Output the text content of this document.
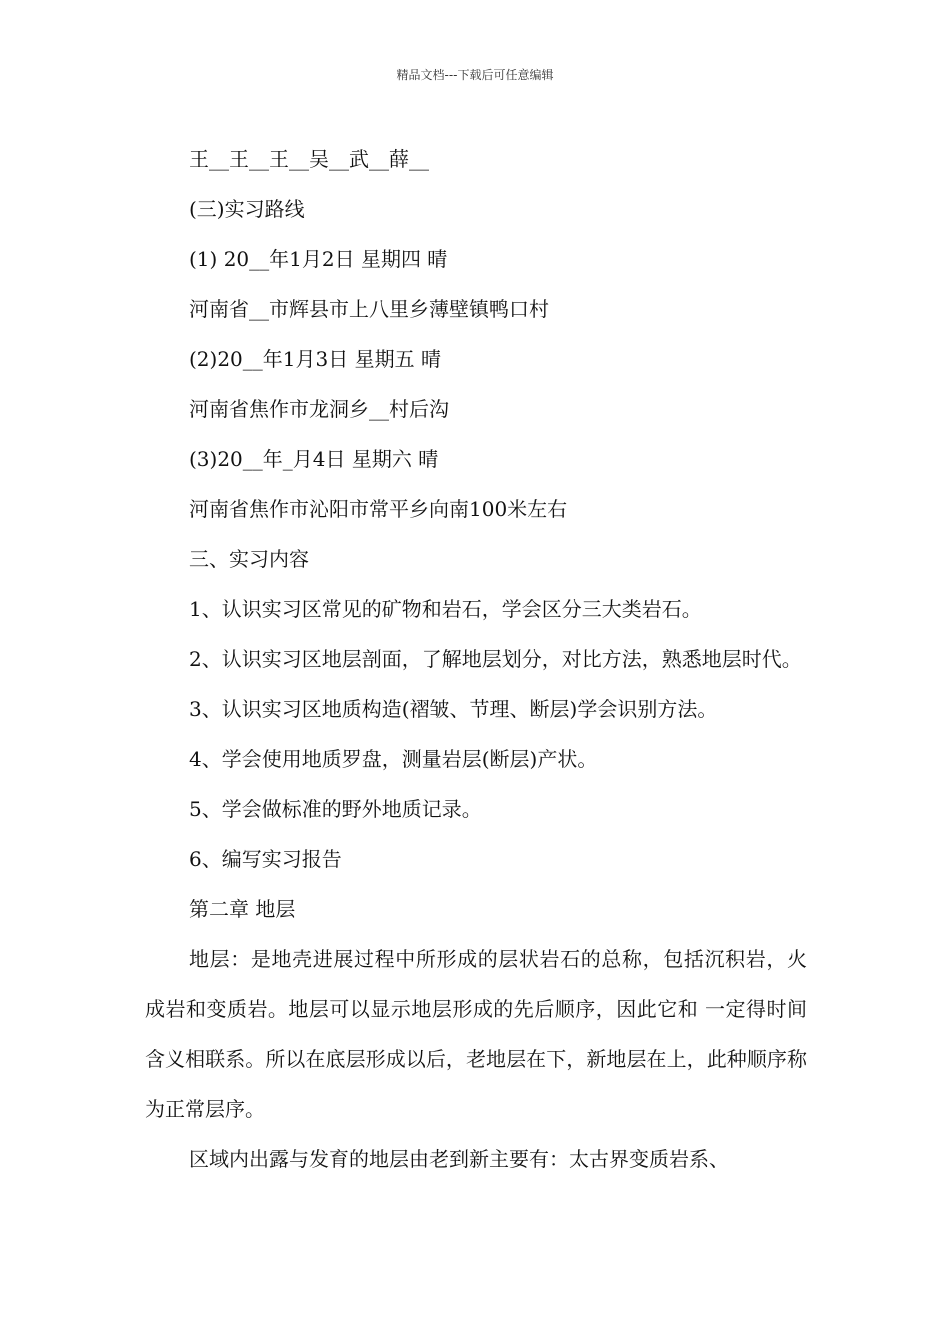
精品文档---下载后可任意编辑

王__王__王__吴__武__薛__

(三)实习路线

(1) 20__年1月2日 星期四 晴

河南省__市辉县市上八里乡薄壁镇鸭口村

(2)20__年1月3日 星期五 晴

河南省焦作市龙洞乡__村后沟

(3)20__年_月4日 星期六 晴

河南省焦作市沁阳市常平乡向南100米左右

三、实习内容

1、认识实习区常见的矿物和岩石，学会区分三大类岩石。

2、认识实习区地层剖面，了解地层划分，对比方法，熟悉地层时代。

3、认识实习区地质构造(褶皱、节理、断层)学会识别方法。

4、学会使用地质罗盘，测量岩层(断层)产状。

5、学会做标准的野外地质记录。

6、编写实习报告

第二章 地层

地层：是地壳进展过程中所形成的层状岩石的总称，包括沉积岩，火成岩和变质岩。地层可以显示地层形成的先后顺序，因此它和 一定得时间含义相联系。所以在底层形成以后，老地层在下，新地层在上，此种顺序称为正常层序。

区域内出露与发育的地层由老到新主要有：太古界变质岩系、
